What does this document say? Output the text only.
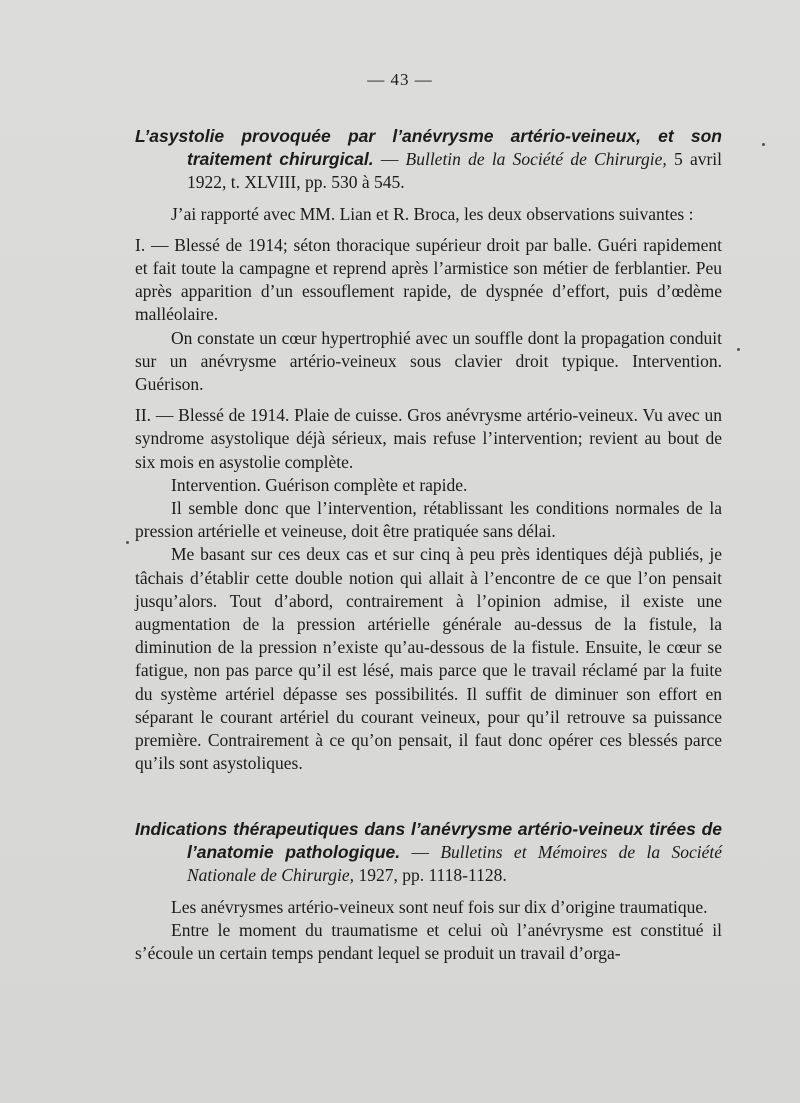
— 43 —

L’asystolie provoquée par l’anévrysme artério-veineux, et son traitement chirurgical. — Bulletin de la Société de Chirurgie, 5 avril 1922, t. XLVIII, pp. 530 à 545.

J’ai rapporté avec MM. Lian et R. Broca, les deux observations suivantes :

I. — Blessé de 1914; séton thoracique supérieur droit par balle. Guéri rapidement et fait toute la campagne et reprend après l’armistice son métier de ferblantier. Peu après apparition d’un essouflement rapide, de dyspnée d’effort, puis d’œdème malléolaire.

On constate un cœur hypertrophié avec un souffle dont la propagation conduit sur un anévrysme artério-veineux sous clavier droit typique. Intervention. Guérison.

II. — Blessé de 1914. Plaie de cuisse. Gros anévrysme artério-veineux. Vu avec un syndrome asystolique déjà sérieux, mais refuse l’intervention; revient au bout de six mois en asystolie complète.

Intervention. Guérison complète et rapide.

Il semble donc que l’intervention, rétablissant les conditions normales de la pression artérielle et veineuse, doit être pratiquée sans délai.

Me basant sur ces deux cas et sur cinq à peu près identiques déjà publiés, je tâchais d’établir cette double notion qui allait à l’encontre de ce que l’on pensait jusqu’alors. Tout d’abord, contrairement à l’opinion admise, il existe une augmentation de la pression artérielle générale au-dessus de la fistule, la diminution de la pression n’existe qu’au-dessous de la fistule. Ensuite, le cœur se fatigue, non pas parce qu’il est lésé, mais parce que le travail réclamé par la fuite du système artériel dépasse ses possibilités. Il suffit de diminuer son effort en séparant le courant artériel du courant veineux, pour qu’il retrouve sa puissance première. Contrairement à ce qu’on pensait, il faut donc opérer ces blessés parce qu’ils sont asystoliques.

Indications thérapeutiques dans l’anévrysme artério-veineux tirées de l’anatomie pathologique. — Bulletins et Mémoires de la Société Nationale de Chirurgie, 1927, pp. 1118-1128.

Les anévrysmes artério-veineux sont neuf fois sur dix d’origine traumatique.

Entre le moment du traumatisme et celui où l’anévrysme est constitué il s’écoule un certain temps pendant lequel se produit un travail d’orga-
